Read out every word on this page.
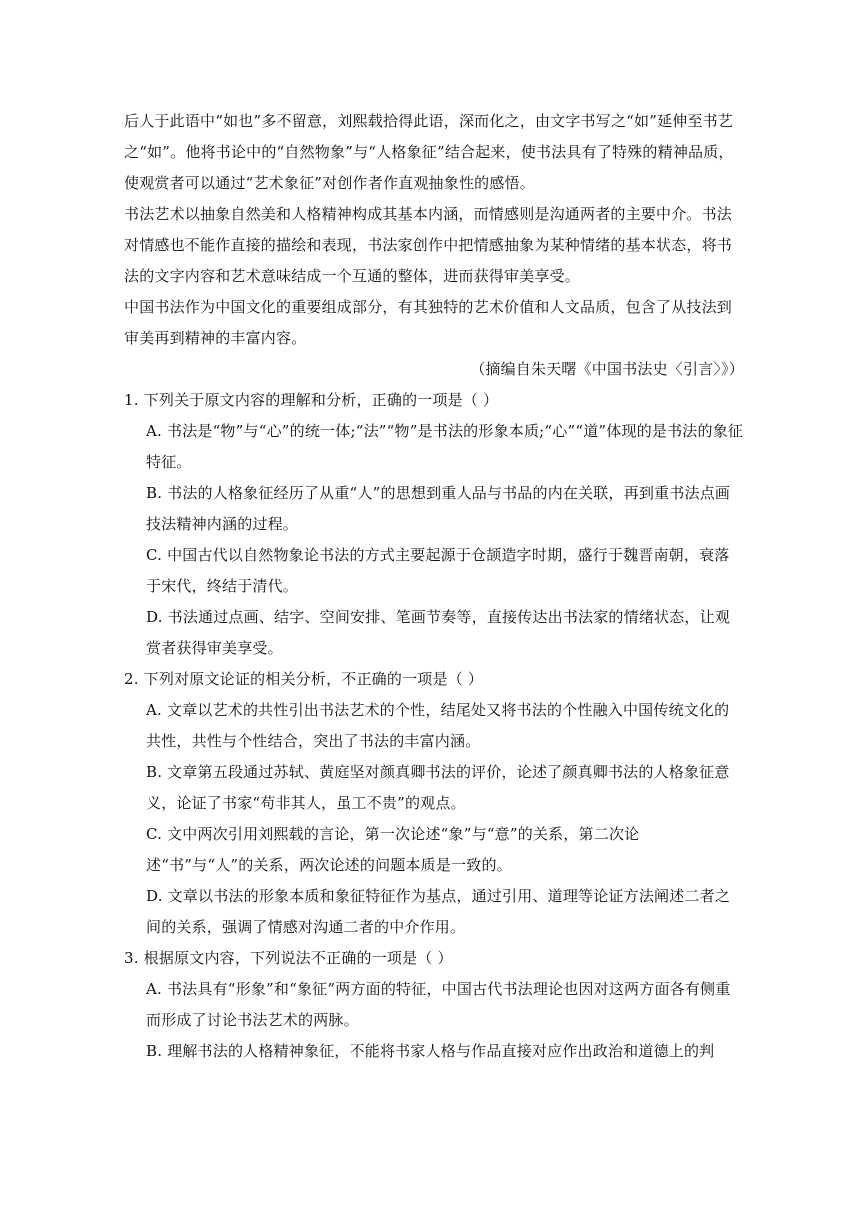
后人于此语中“如也”多不留意，刘熙载拾得此语，深而化之，由文字书写之“如”延伸至书艺之“如”。他将书论中的“自然物象”与“人格象征”结合起来，使书法具有了特殊的精神品质，使观赏者可以通过“艺术象征”对创作者作直观抽象性的感悟。

书法艺术以抽象自然美和人格精神构成其基本内涵，而情感则是沟通两者的主要中介。书法对情感也不能作直接的描绘和表现，书法家创作中把情感抽象为某种情绪的基本状态，将书法的文字内容和艺术意味结成一个互通的整体，进而获得审美享受。

中国书法作为中国文化的重要组成部分，有其独特的艺术价值和人文品质，包含了从技法到审美再到精神的丰富内容。

（摘编自朱天曙《中国书法史〈引言〉》）

1. 下列关于原文内容的理解和分析，正确的一项是（ ）

A. 书法是“物”与“心”的统一体;“法”“物”是书法的形象本质;“心”“道”体现的是书法的象征特征。

B. 书法的人格象征经历了从重“人”的思想到重人品与书品的内在关联，再到重书法点画技法精神内涵的过程。

C. 中国古代以自然物象论书法的方式主要起源于仓颉造字时期，盛行于魏晋南朝，衰落于宋代，终结于清代。

D. 书法通过点画、结字、空间安排、笔画节奏等，直接传达出书法家的情绪状态，让观赏者获得审美享受。

2. 下列对原文论证的相关分析，不正确的一项是（ ）

A. 文章以艺术的共性引出书法艺术的个性，结尾处又将书法的个性融入中国传统文化的共性，共性与个性结合，突出了书法的丰富内涵。

B. 文章第五段通过苏轼、黄庭坚对颜真卿书法的评价，论述了颜真卿书法的人格象征意义，论证了书家“苟非其人，虽工不贵”的观点。

C. 文中两次引用刘熙载的言论，第一次论述“象”与“意”的关系，第二次论述“书”与“人”的关系，两次论述的问题本质是一致的。

D. 文章以书法的形象本质和象征特征作为基点，通过引用、道理等论证方法阐述二者之间的关系，强调了情感对沟通二者的中介作用。

3. 根据原文内容，下列说法不正确的一项是（ ）

A. 书法具有“形象”和“象征”两方面的特征，中国古代书法理论也因对这两方面各有侧重而形成了讨论书法艺术的两脉。

B. 理解书法的人格精神象征，不能将书家人格与作品直接对应作出政治和道德上的判
